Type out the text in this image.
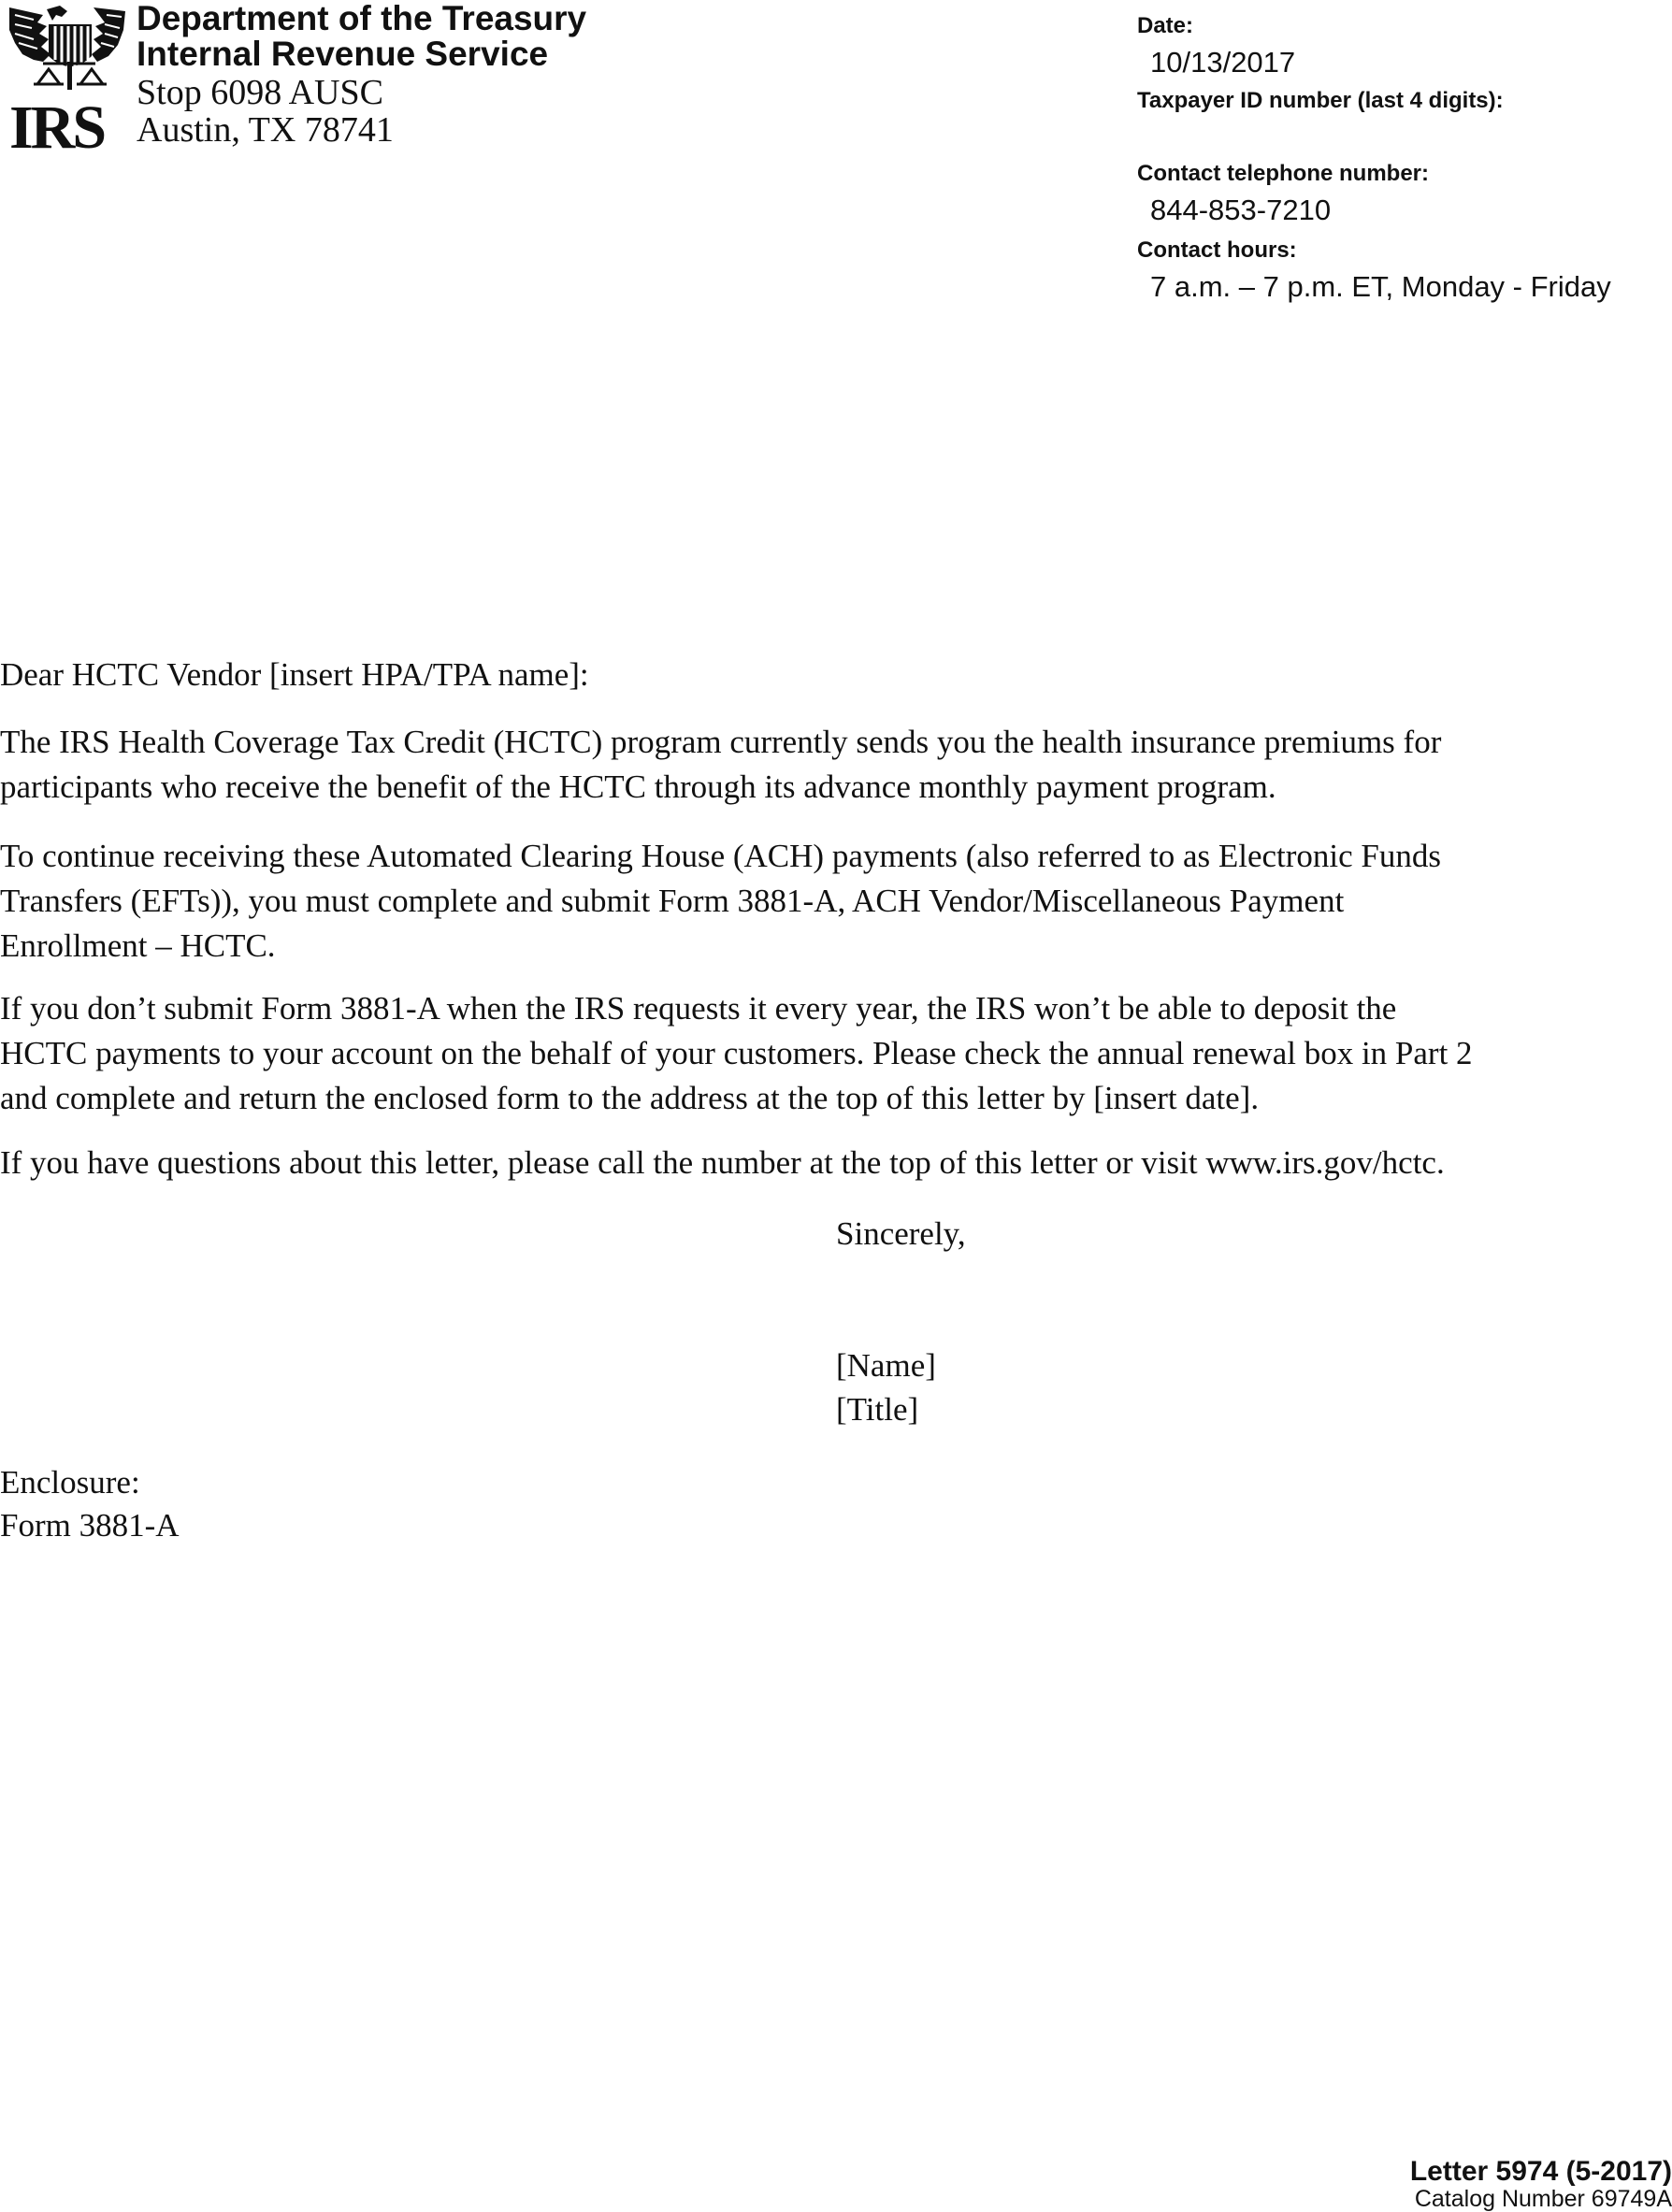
IRS
Department of the Treasury
Internal Revenue Service
Stop 6098 AUSC
Austin, TX 78741
Date:
10/13/2017
Taxpayer ID number (last 4 digits):
Contact telephone number:
844-853-7210
Contact hours:
7 a.m. – 7 p.m. ET, Monday - Friday
Dear HCTC Vendor [insert HPA/TPA name]:
The IRS Health Coverage Tax Credit (HCTC) program currently sends you the health insurance premiums for
participants who receive the benefit of the HCTC through its advance monthly payment program.
To continue receiving these Automated Clearing House (ACH) payments (also referred to as Electronic Funds
Transfers (EFTs)), you must complete and submit Form 3881-A, ACH Vendor/Miscellaneous Payment
Enrollment – HCTC.
If you don’t submit Form 3881-A when the IRS requests it every year, the IRS won’t be able to deposit the
HCTC payments to your account on the behalf of your customers. Please check the annual renewal box in Part 2
and complete and return the enclosed form to the address at the top of this letter by [insert date].
If you have questions about this letter, please call the number at the top of this letter or visit www.irs.gov/hctc.
Sincerely,
[Name]
[Title]
Enclosure:
Form 3881-A
Letter 5974 (5-2017)
Catalog Number 69749A
